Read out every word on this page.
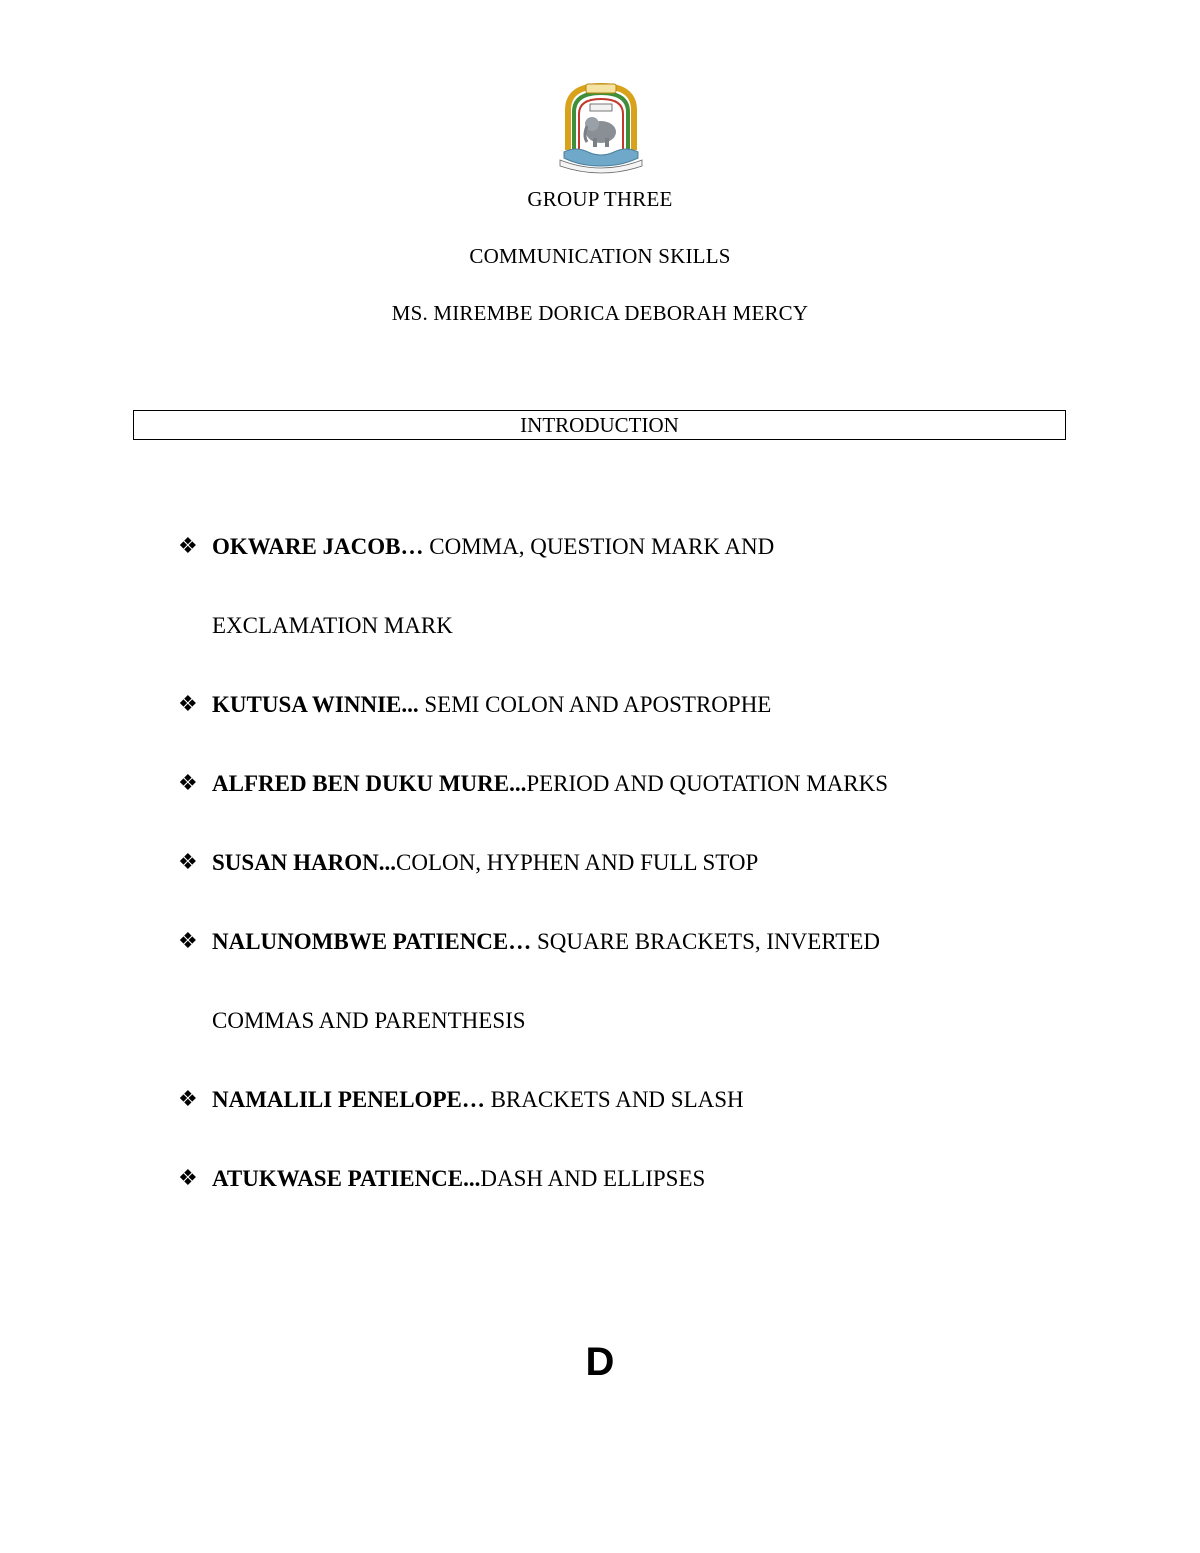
GROUP THREE
COMMUNICATION SKILLS
MS. MIREMBE DORICA DEBORAH MERCY
INTRODUCTION
❖ OKWARE JACOB… COMMA, QUESTION MARK AND
EXCLAMATION MARK
❖ KUTUSA WINNIE... SEMI COLON AND APOSTROPHE
❖ ALFRED BEN DUKU MURE...PERIOD AND QUOTATION MARKS
❖ SUSAN HARON...COLON, HYPHEN AND FULL STOP
❖ NALUNOMBWE PATIENCE… SQUARE BRACKETS, INVERTED
COMMAS AND PARENTHESIS
❖ NAMALILI PENELOPE… BRACKETS AND SLASH
❖ ATUKWASE PATIENCE...DASH AND ELLIPSES
D
